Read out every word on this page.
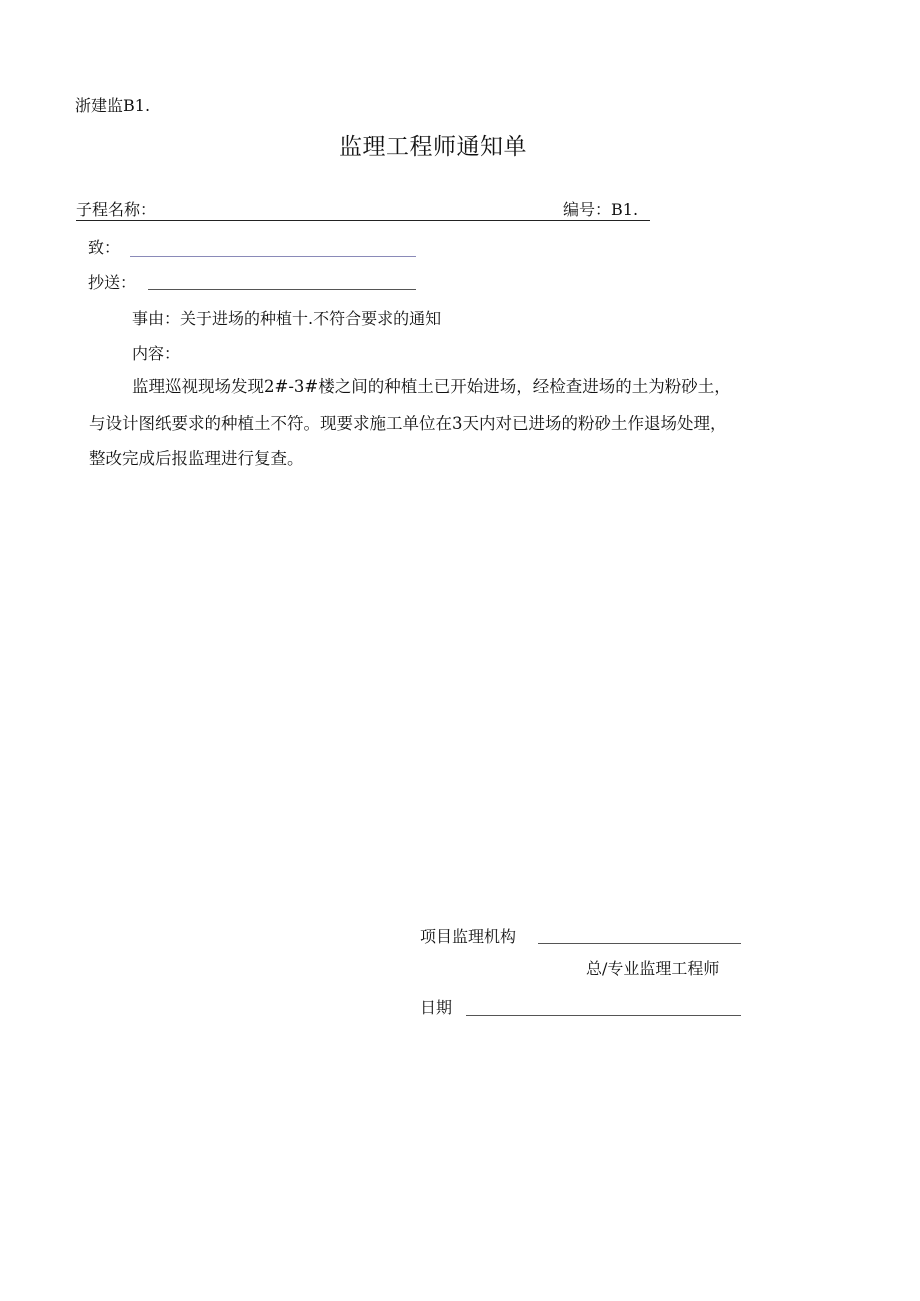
浙建监B1.
监理工程师通知单
子程名称：	编号：B1.
致：
抄送：
事由：关于进场的种植十.不符合要求的通知
内容：
监理巡视现场发现2#-3#楼之间的种植土已开始进场，经检查进场的土为粉砂土，
与设计图纸要求的种植土不符。现要求施工单位在3天内对已进场的粉砂土作退场处理，
整改完成后报监理进行复查。
项目监理机构
总/专业监理工程师
日期
